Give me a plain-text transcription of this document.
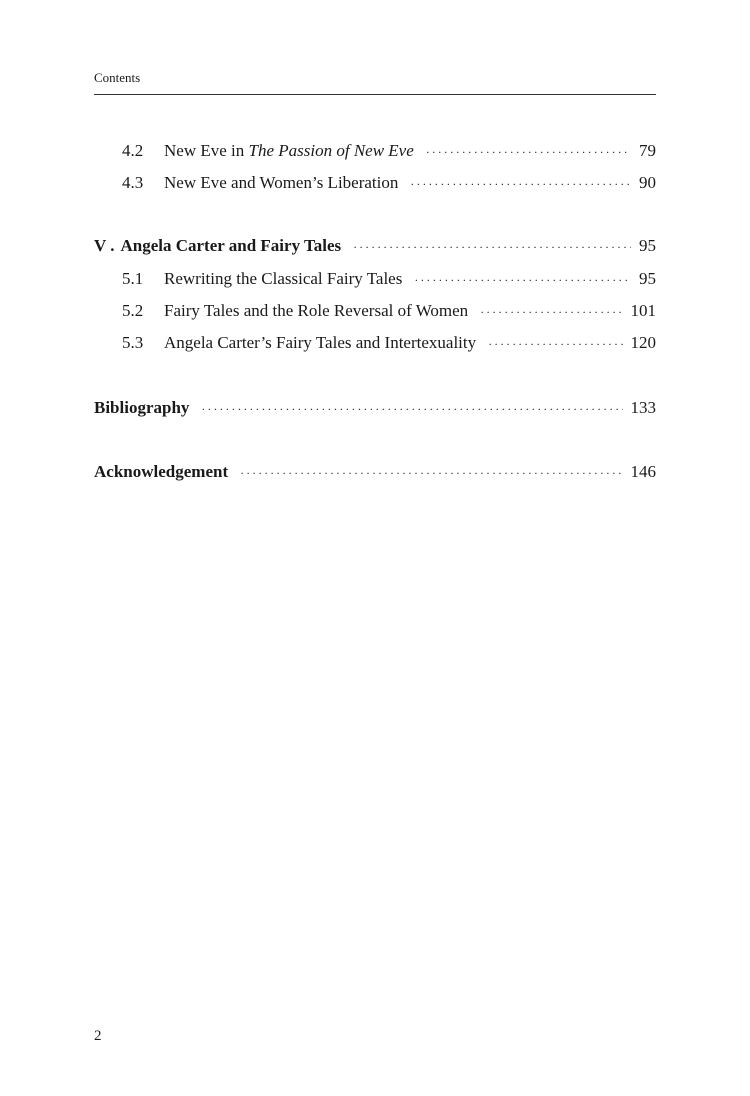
Contents
4.2	New Eve in The Passion of New Eve ·····	79
4.3	New Eve and Women’s Liberation ·····	90
V . Angela Carter and Fairy Tales ·····	95
5.1	Rewriting the Classical Fairy Tales ·····	95
5.2	Fairy Tales and the Role Reversal of Women ·····	101
5.3	Angela Carter’s Fairy Tales and Intertexuality ·····	120
Bibliography ·····	133
Acknowledgement ·····	146
2
